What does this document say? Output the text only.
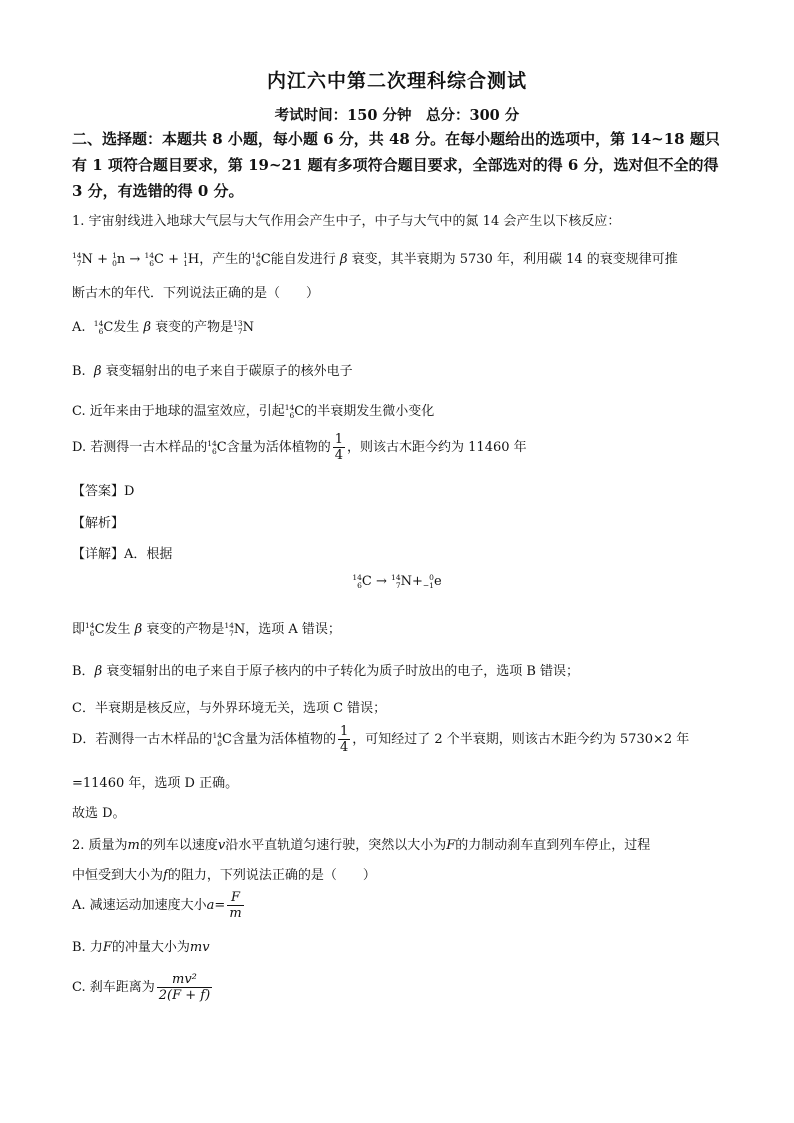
内江六中第二次理科综合测试
考试时间：150 分钟　总分：300 分
二、选择题：本题共 8 小题，每小题 6 分，共 48 分。在每小题给出的选项中，第 14~18 题只有 1 项符合题目要求，第 19~21 题有多项符合题目要求，全部选对的得 6 分，选对但不全的得 3 分，有选错的得 0 分。
1. 宇宙射线进入地球大气层与大气作用会产生中子，中子与大气中的氮 14 会产生以下核反应：
14
7 N + 1
0 n → 14
6 C + 1
1 H，产生的 14
6 C能自发进行 β 衰变，其半衰期为 5730 年，利用碳 14 的衰变规律可推
断古木的年代．下列说法正确的是（　　）
A. 14
6 C发生 β 衰变的产物是 13
7 N
B. β 衰变辐射出的电子来自于碳原子的核外电子
C. 近年来由于地球的温室效应，引起 14
6 C的半衰期发生微小变化
D. 若测得一古木样品的 14
6 C含量为活体植物的 $\frac{1}{4}$ ，则该古木距今约为 11460 年
【答案】D
【解析】
【详解】A．根据
14
6 C → 14
7 N+ 0
−1 e
即 14
6 C发生 β 衰变的产物是 14
7 N，选项 A 错误；
B．β 衰变辐射出的电子来自于原子核内的中子转化为质子时放出的电子，选项 B 错误；
C．半衰期是核反应，与外界环境无关，选项 C 错误；
D．若测得一古木样品的 14
6 C含量为活体植物的 $\frac{1}{4}$ ，可知经过了 2 个半衰期，则该古木距今约为 5730×2 年
=11460 年，选项 D 正确。
故选 D。
2. 质量为m的列车以速度v沿水平直轨道匀速行驶，突然以大小为F的力制动刹车直到列车停止，过程
中恒受到大小为f的阻力，下列说法正确的是（　　）
A. 减速运动加速度大小$a= \frac{F}{m}$
B. 力F的冲量大小为mv
C. 刹车距离为 $\frac{\text{mv²}}{2(F + f)}$
